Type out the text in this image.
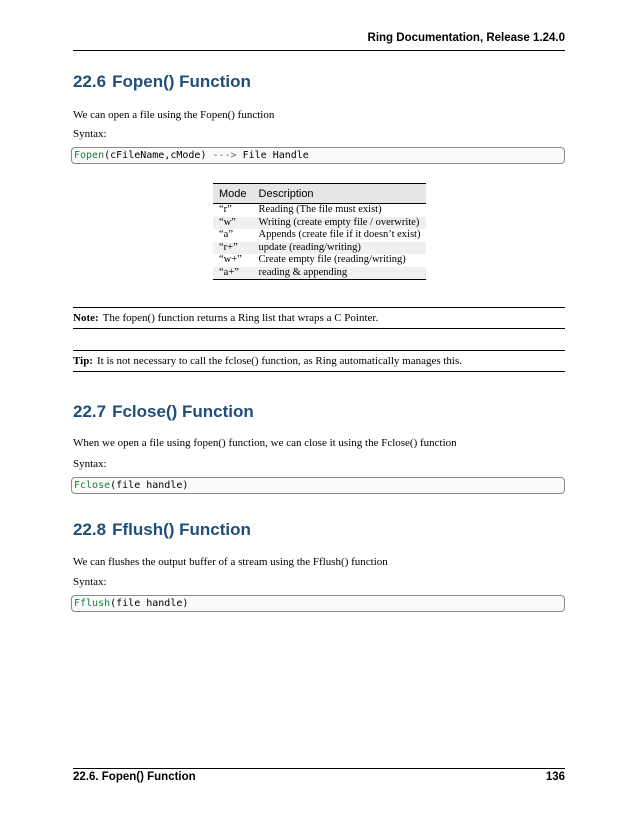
Ring Documentation, Release 1.24.0
22.6 Fopen() Function
We can open a file using the Fopen() function
Syntax:
Fopen(cFileName,cMode) ---> File Handle
Mode	Description
“r”	Reading (The file must exist)
“w”	Writing (create empty file / overwrite)
“a”	Appends (create file if it doesn’t exist)
“r+”	update (reading/writing)
“w+”	Create empty file (reading/writing)
“a+”	reading & appending
Note: The fopen() function returns a Ring list that wraps a C Pointer.
Tip: It is not necessary to call the fclose() function, as Ring automatically manages this.
22.7 Fclose() Function
When we open a file using fopen() function, we can close it using the Fclose() function
Syntax:
Fclose(file handle)
22.8 Fflush() Function
We can flushes the output buffer of a stream using the Fflush() function
Syntax:
Fflush(file handle)
22.6. Fopen() Function	136
